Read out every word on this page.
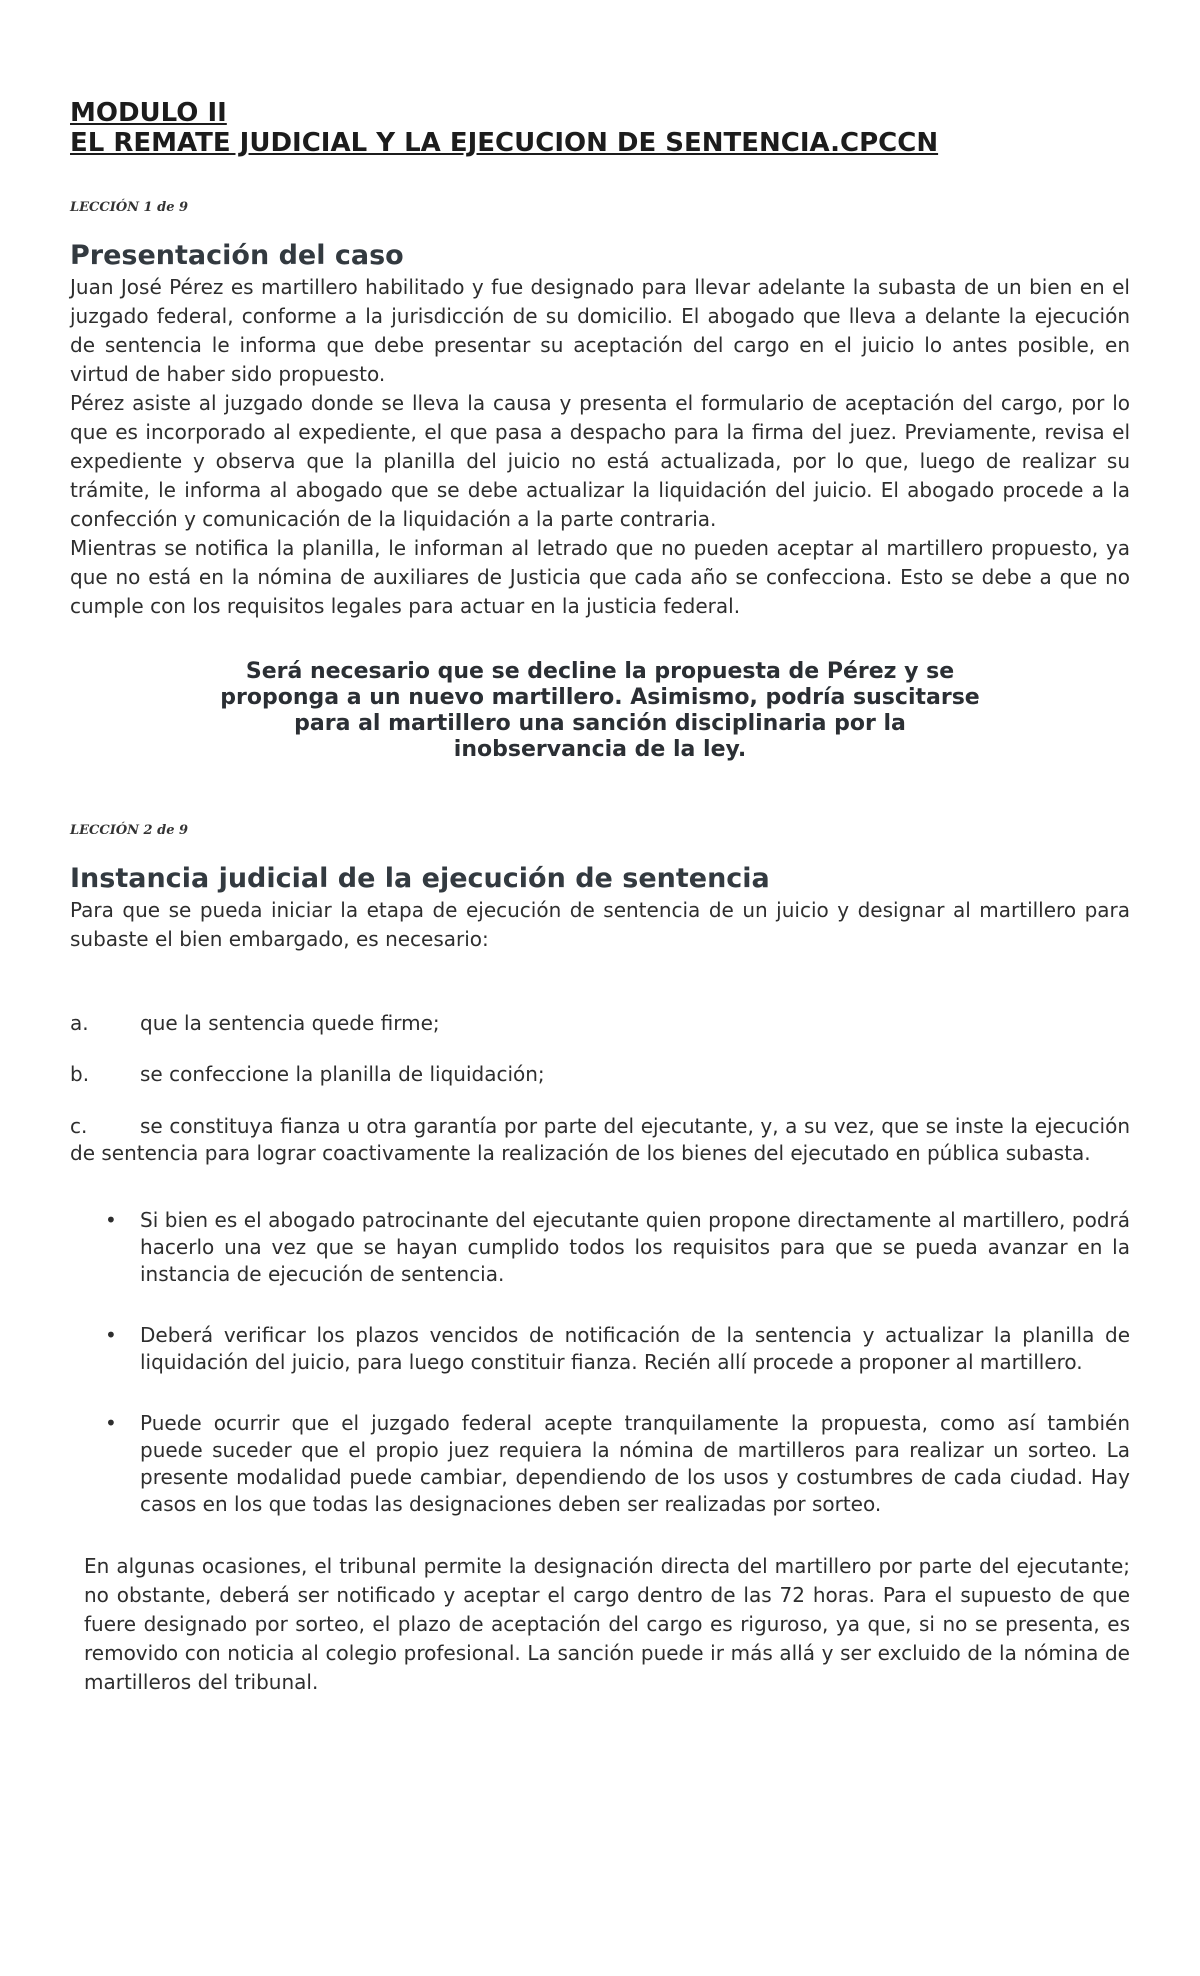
MODULO II
EL REMATE JUDICIAL Y LA EJECUCION DE SENTENCIA.CPCCN
LECCIÓN 1 de 9
Presentación del caso

Juan José Pérez es martillero habilitado y fue designado para llevar adelante la subasta de un bien en el juzgado federal, conforme a la jurisdicción de su domicilio. El abogado que lleva a delante la ejecución de sentencia le informa que debe presentar su aceptación del cargo en el juicio lo antes posible, en virtud de haber sido propuesto.

Pérez asiste al juzgado donde se lleva la causa y presenta el formulario de aceptación del cargo, por lo que es incorporado al expediente, el que pasa a despacho para la firma del juez. Previamente, revisa el expediente y observa que la planilla del juicio no está actualizada, por lo que, luego de realizar su trámite, le informa al abogado que se debe actualizar la liquidación del juicio. El abogado procede a la confección y comunicación de la liquidación a la parte contraria.

Mientras se notifica la planilla, le informan al letrado que no pueden aceptar al martillero propuesto, ya que no está en la nómina de auxiliares de Justicia que cada año se confecciona. Esto se debe a que no cumple con los requisitos legales para actuar en la justicia federal.

Será necesario que se decline la propuesta de Pérez y se proponga a un nuevo martillero. Asimismo, podría suscitarse para al martillero una sanción disciplinaria por la inobservancia de la ley.
LECCIÓN 2 de 9
Instancia judicial de la ejecución de sentencia

Para que se pueda iniciar la etapa de ejecución de sentencia de un juicio y designar al martillero para subaste el bien embargado, es necesario:

a.	que la sentencia quede firme;

b.	se confeccione la planilla de liquidación;

c.	se constituya fianza u otra garantía por parte del ejecutante, y, a su vez, que se inste la ejecución de sentencia para lograr coactivamente la realización de los bienes del ejecutado en pública subasta.

• Si bien es el abogado patrocinante del ejecutante quien propone directamente al martillero, podrá hacerlo una vez que se hayan cumplido todos los requisitos para que se pueda avanzar en la instancia de ejecución de sentencia.
• Deberá verificar los plazos vencidos de notificación de la sentencia y actualizar la planilla de liquidación del juicio, para luego constituir fianza. Recién allí procede a proponer al martillero.
• Puede ocurrir que el juzgado federal acepte tranquilamente la propuesta, como así también puede suceder que el propio juez requiera la nómina de martilleros para realizar un sorteo. La presente modalidad puede cambiar, dependiendo de los usos y costumbres de cada ciudad. Hay casos en los que todas las designaciones deben ser realizadas por sorteo.

En algunas ocasiones, el tribunal permite la designación directa del martillero por parte del ejecutante; no obstante, deberá ser notificado y aceptar el cargo dentro de las 72 horas. Para el supuesto de que fuere designado por sorteo, el plazo de aceptación del cargo es riguroso, ya que, si no se presenta, es removido con noticia al colegio profesional. La sanción puede ir más allá y ser excluido de la nómina de martilleros del tribunal.
